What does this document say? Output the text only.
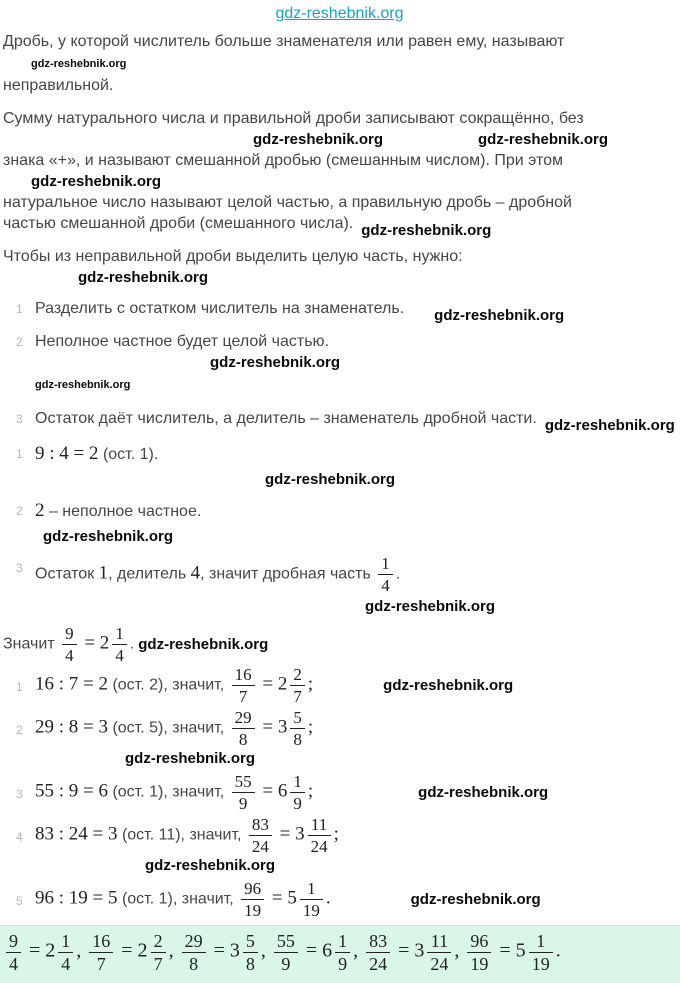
gdz-reshebnik.org
Дробь, у которой числитель больше знаменателя или равен ему, называют
gdz-reshebnik.org
неправильной.
Сумму натурального числа и правильной дроби записывают сокращённо, без
gdz-reshebnik.org	gdz-reshebnik.org
знака «+», и называют смешанной дробью (смешанным числом). При этом
gdz-reshebnik.org
натуральное число называют целой частью, а правильную дробь – дробной
частью смешанной дроби (смешанного числа). gdz-reshebnik.org
Чтобы из неправильной дроби выделить целую часть, нужно:
gdz-reshebnik.org
1 Разделить с остатком числитель на знаменатель. gdz-reshebnik.org
2 Неполное частное будет целой частью.
gdz-reshebnik.org
gdz-reshebnik.org
3 Остаток даёт числитель, а делитель – знаменатель дробной части. gdz-reshebnik.org
1 9 : 4 = 2 (ост. 1).
gdz-reshebnik.org
2 2 – неполное частное.
gdz-reshebnik.org
3 Остаток 1, делитель 4, значит дробная часть $\frac{1}{4}$ .
gdz-reshebnik.org
Значит $\frac{9}{4} = 2 \frac{1}{4}$ . gdz-reshebnik.org
1 16 : 7 = 2 (ост. 2), значит, $\frac{16}{7} = 2 \frac{2}{7}$ ;	gdz-reshebnik.org
2 29 : 8 = 3 (ост. 5), значит, $\frac{29}{8} = 3 \frac{5}{8}$ ;
gdz-reshebnik.org
3 55 : 9 = 6 (ост. 1), значит, $\frac{55}{9} = 6 \frac{1}{9}$ ;	gdz-reshebnik.org
4 83 : 24 = 3 (ост. 11), значит, $\frac{83}{24} = 3 \frac{11}{24}$ ;
gdz-reshebnik.org
5 96 : 19 = 5 (ост. 1), значит, $\frac{96}{19} = 5 \frac{1}{19}$ .	gdz-reshebnik.org
$\frac{9}{4} = 2 \frac{1}{4}$ , $\frac{16}{7} = 2 \frac{2}{7}$ , $\frac{29}{8} = 3 \frac{5}{8}$ , $\frac{55}{9} = 6 \frac{1}{9}$ , $\frac{83}{24} = 3 \frac{11}{24}$ , $\frac{96}{19} = 5 \frac{1}{19}$ .
